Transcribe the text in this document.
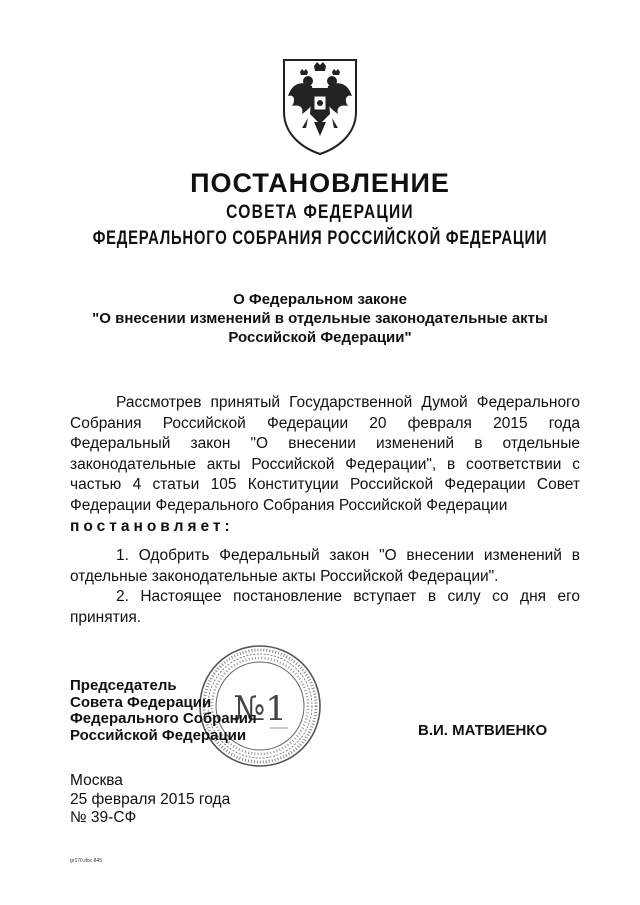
ПОСТАНОВЛЕНИЕ
СОВЕТА ФЕДЕРАЦИИ
ФЕДЕРАЛЬНОГО СОБРАНИЯ РОССИЙСКОЙ ФЕДЕРАЦИИ
О Федеральном законе
"О внесении изменений в отдельные законодательные акты
Российской Федерации"

Рассмотрев принятый Государственной Думой Федерального Собрания Российской Федерации 20 февраля 2015 года Федеральный закон "О внесении изменений в отдельные законодательные акты Российской Федерации", в соответствии с частью 4 статьи 105 Конституции Российской Федерации Совет Федерации Федерального Собрания Российской Федерации
постановляет:

1. Одобрить Федеральный закон "О внесении изменений в отдельные законодательные акты Российской Федерации".

2. Настоящее постановление вступает в силу со дня его принятия.

№1
Председатель
Совета Федерации
Федерального Собрания
Российской Федерации	В.И. МАТВИЕНКО
Москва
25 февраля 2015 года
№ 39-СФ
gr170.doc 845
